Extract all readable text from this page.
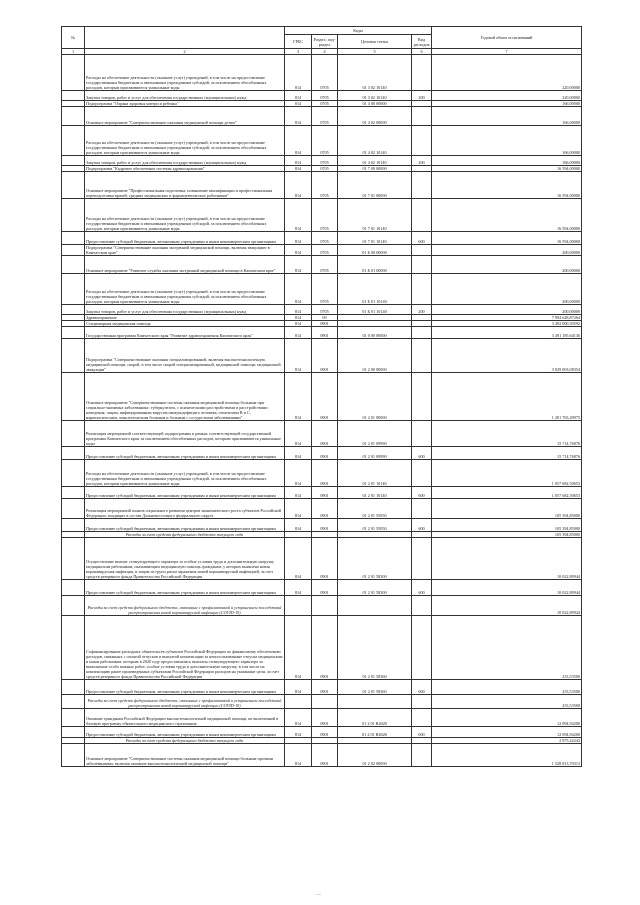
№		Коды				Годовой объем ассигнований
		ГРБС	Раздел, под-раздел	Целевая статья	Вид расходов	
1	2	3	4	5	6	7
	Расходы на обеспечение деятельности (оказание услуг) учреждений, в том числе на предоставление государственным бюджетным и автономным учреждениям субсидий, за исключением обособленных расходов, которым присваиваются уникальные коды	814	0705	01 3 02 10140		220,00000
	Закупка товаров, работ и услуг для обеспечения государственных (муниципальных) нужд	814	0705	01 3 02 10140	200	220,00000
	Подпрограмма "Охрана здоровья матери и ребенка"	814	0705	01 4 00 00000		166,00000
	Основное мероприятие "Совершенствование оказания медицинской помощи детям"	814	0705	01 4 02 00000		166,00000
	Расходы на обеспечение деятельности (оказание услуг) учреждений, в том числе на предоставление государственным бюджетным и автономным учреждениям субсидий, за исключением обособленных расходов, которым присваиваются уникальные коды	814	0705	01 4 02 10140		166,00000
	Закупка товаров, работ и услуг для обеспечения государственных (муниципальных) нужд	814	0705	01 4 02 10140	200	166,00000
	Подпрограмма "Кадровое обеспечение системы здравоохранения"	814	0705	01 7 00 00000		16 594,00000
	Основное мероприятие "Профессиональная подготовка, повышение квалификации и профессиональная переподготовка врачей, средних медицинских и фармацевтических работников"	814	0705	01 7 01 00000		16 594,00000
	Расходы на обеспечение деятельности (оказание услуг) учреждений, в том числе на предоставление государственным бюджетным и автономным учреждениям субсидий, за исключением обособленных расходов, которым присваиваются уникальные коды	814	0705	01 7 01 10140		16 594,00000
	Предоставление субсидий бюджетным, автономным учреждениям и иным некоммерческим организациям	814	0705	01 7 01 10140	600	16 594,00000
	Подпрограмма "Совершенствование оказания экстренной медицинской помощи, включая эвакуацию в Камчатском крае"	814	0705	01 Б 00 00000		200,00000
	Основное мероприятие "Развитие службы оказания экстренной медицинской помощи в Камчатском крае"	814	0705	01 Б 01 00000		200,00000
	Расходы на обеспечение деятельности (оказание услуг) учреждений, в том числе на предоставление государственным бюджетным и автономным учреждениям субсидий, за исключением обособленных расходов, которым присваиваются уникальные коды	814	0705	01 Б 01 10140		200,00000
	Закупка товаров, работ и услуг для обеспечения государственных (муниципальных) нужд	814	0705	01 Б 01 10140	200	200,00000
	Здравоохранение	814	09			7 994 628,87264
	Стационарная медицинская помощь	814	0901			3 492 000,30592
	Государственная программа Камчатского края "Развитие здравоохранения Камчатского края"	814	0901	01 0 00 00000		3 491 185,64136
	Подпрограмма "Совершенствование оказания специализированной, включая высокотехнологичную, медицинской помощи, скорой, в том числе скорой специализированной, медицинской помощи, медицинской эвакуации"	814	0901	01 2 00 00000		3 029 003,08354
	Основное мероприятие "Совершенствование системы оказания медицинской помощи больным при социально-значимых заболеваниях: туберкулезом, с психическими расстройствами и расстройствами поведения, лицам, инфицированным вирусом иммунодефицита человека, гепатитами В и С, наркологическим, онкологическим больным и больным с сосудистыми заболеваниями"	814	0901	01 2 01 00000		1 201 763,49975
	Реализация мероприятий соответствующей подпрограммы в рамках соответствующей государственной программы Камчатского края, за исключением обособленных расходов, которым присваиваются уникальные коды	814	0901	01 2 01 09990		15 714,76876
	Предоставление субсидий бюджетным, автономным учреждениям и иным некоммерческим организациям	814	0901	01 2 01 09990	600	15 714,76876
	Расходы на обеспечение деятельности (оказание услуг) учреждений, в том числе на предоставление государственным бюджетным и автономным учреждениям субсидий, за исключением обособленных расходов, которым присваиваются уникальные коды	814	0901	01 2 01 10140		1 057 682,50653
	Предоставление субсидий бюджетным, автономным учреждениям и иным некоммерческим организациям	814	0901	01 2 01 10140	600	1 057 682,50653
	Реализация мероприятий планов социального развития центров экономического роста субъектов Российской Федерации, входящих в состав Дальневосточного федерального округа	814	0901	01 2 01 55050		105 394,85000
	Предоставление субсидий бюджетным, автономным учреждениям и иным некоммерческим организациям	814	0901	01 2 01 55050	600	105 394,85000
	Расходы за счет средств федерального бюджета текущего года					105 394,85000
	Осуществление выплат стимулирующего характера за особые условия труда и дополнительную нагрузку медицинским работникам, оказывающим медицинскую помощь гражданам, у которых выявлена новая коронавирусная инфекция, и лицам из групп риска заражения новой коронавирусной инфекцией, за счет средств резервного фонда Правительства Российской Федерации	814	0901	01 2 01 58300		10 022,89944
	Предоставление субсидий бюджетным, автономным учреждениям и иным некоммерческим организациям	814	0901	01 2 01 58300	600	10 022,89944
	Расходы за счет средств федерального бюджета, связанные с профилактикой и устранением последствий распространения новой коронавирусной инфекции (COVID-19)					10 022,89944
	Софинансирование расходных обязательств субъектов Российской Федерации по финансовому обеспечению расходов, связанных с оплатой отпусков и выплатой компенсации за неиспользованные отпуска медицинским и иным работникам, которым в 2020 году предоставлялись выплаты стимулирующего характера за выполнение особо важных работ, особые условия труда и дополнительную нагрузку, в том числе на компенсацию ранее произведенных субъектами Российской Федерации расходов на указанные цели, за счет средств резервного фонда Правительства Российской Федерации	814	0901	01 2 01 58360		233,53500
	Предоставление субсидий бюджетным, автономным учреждениям и иным некоммерческим организациям	814	0901	01 2 01 58360	600	233,53500
	Расходы за счет средств федерального бюджета, связанные с профилактикой и устранением последствий распространения новой коронавирусной инфекции (COVID-19)					233,53500
	Оказание гражданам Российской Федерации высокотехнологичной медицинской помощи, не включенной в базовую программу обязательного медицинского страхования	814	0901	01 2 01 R4020		12 094,94200
	Предоставление субсидий бюджетным, автономным учреждениям и иным некоммерческим организациям	814	0901	01 2 01 R4020	600	12 094,94200
	Расходы за счет средств федерального бюджета текущего года					2 975,42243
	Основное мероприятие "Совершенствование системы оказания медицинской помощи больным прочими заболеваниями, включая оказание высокотехнологичной медицинской помощи"	814	0901	01 2 02 00000		1 528 813,70313
—
